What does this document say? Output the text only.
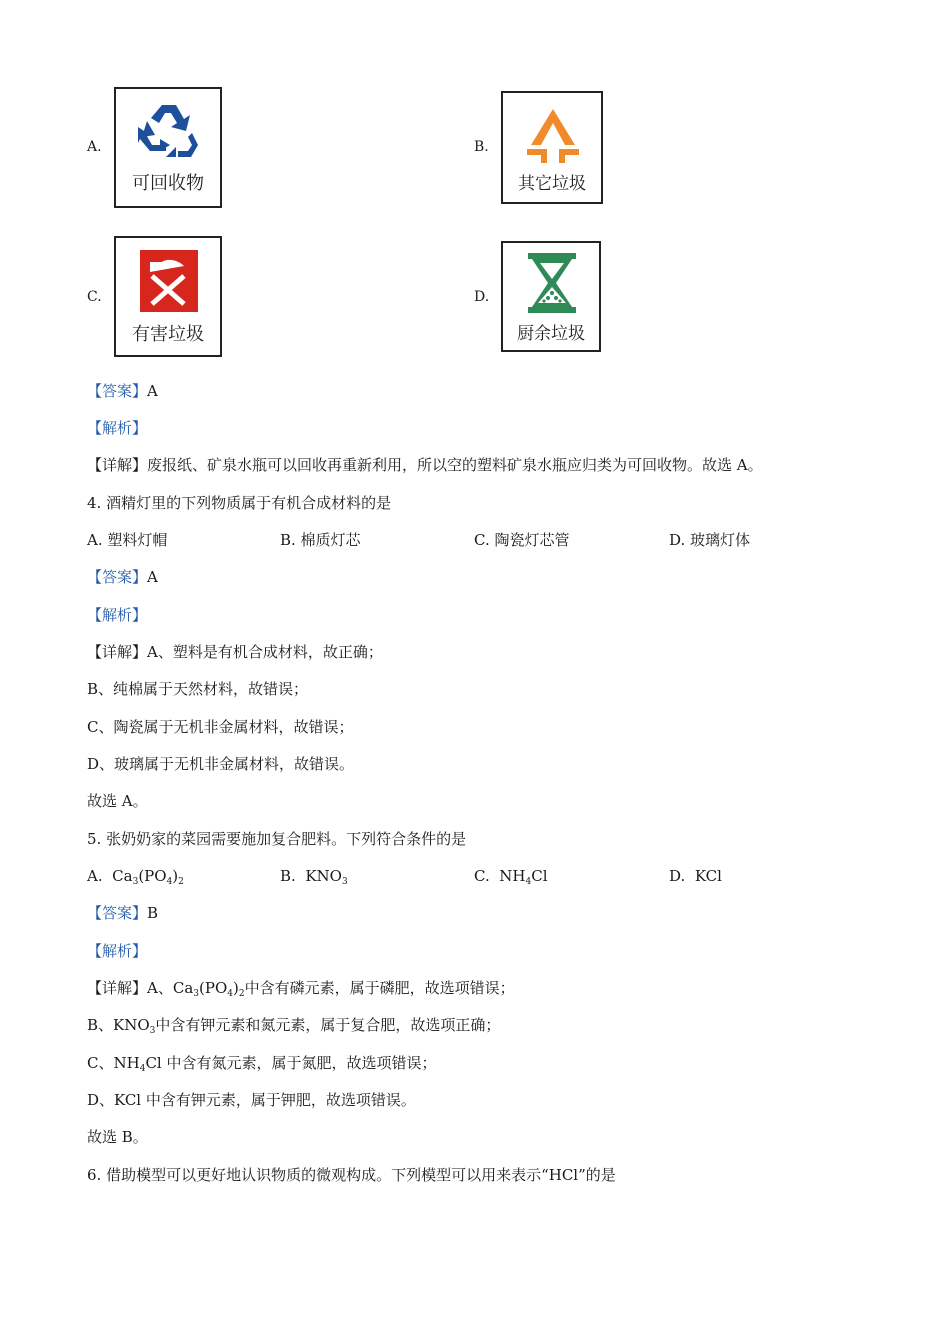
A.
可回收物
B.
其它垃圾
C.
有害垃圾
D.
厨余垃圾
【答案】A
【解析】
【详解】废报纸、矿泉水瓶可以回收再重新利用，所以空的塑料矿泉水瓶应归类为可回收物。故选 A。
4. 酒精灯里的下列物质属于有机合成材料的是
A. 塑料灯帽	B. 棉质灯芯	C. 陶瓷灯芯管	D. 玻璃灯体
【答案】A
【解析】
【详解】A、塑料是有机合成材料，故正确；
B、纯棉属于天然材料，故错误；
C、陶瓷属于无机非金属材料，故错误；
D、玻璃属于无机非金属材料，故错误。
故选 A。
5. 张奶奶家的菜园需要施加复合肥料。下列符合条件的是
A. $Ca_3(PO_4)_2$	B. $KNO_3$	C. $NH_4Cl$	D. KCl
【答案】B
【解析】
【详解】A、$Ca_3(PO_4)_2$中含有磷元素，属于磷肥，故选项错误；
B、$KNO_3$中含有钾元素和氮元素，属于复合肥，故选项正确；
C、$NH_4Cl$ 中含有氮元素，属于氮肥，故选项错误；
D、KCl 中含有钾元素，属于钾肥，故选项错误。
故选 B。
6. 借助模型可以更好地认识物质的微观构成。下列模型可以用来表示“HCl”的是
